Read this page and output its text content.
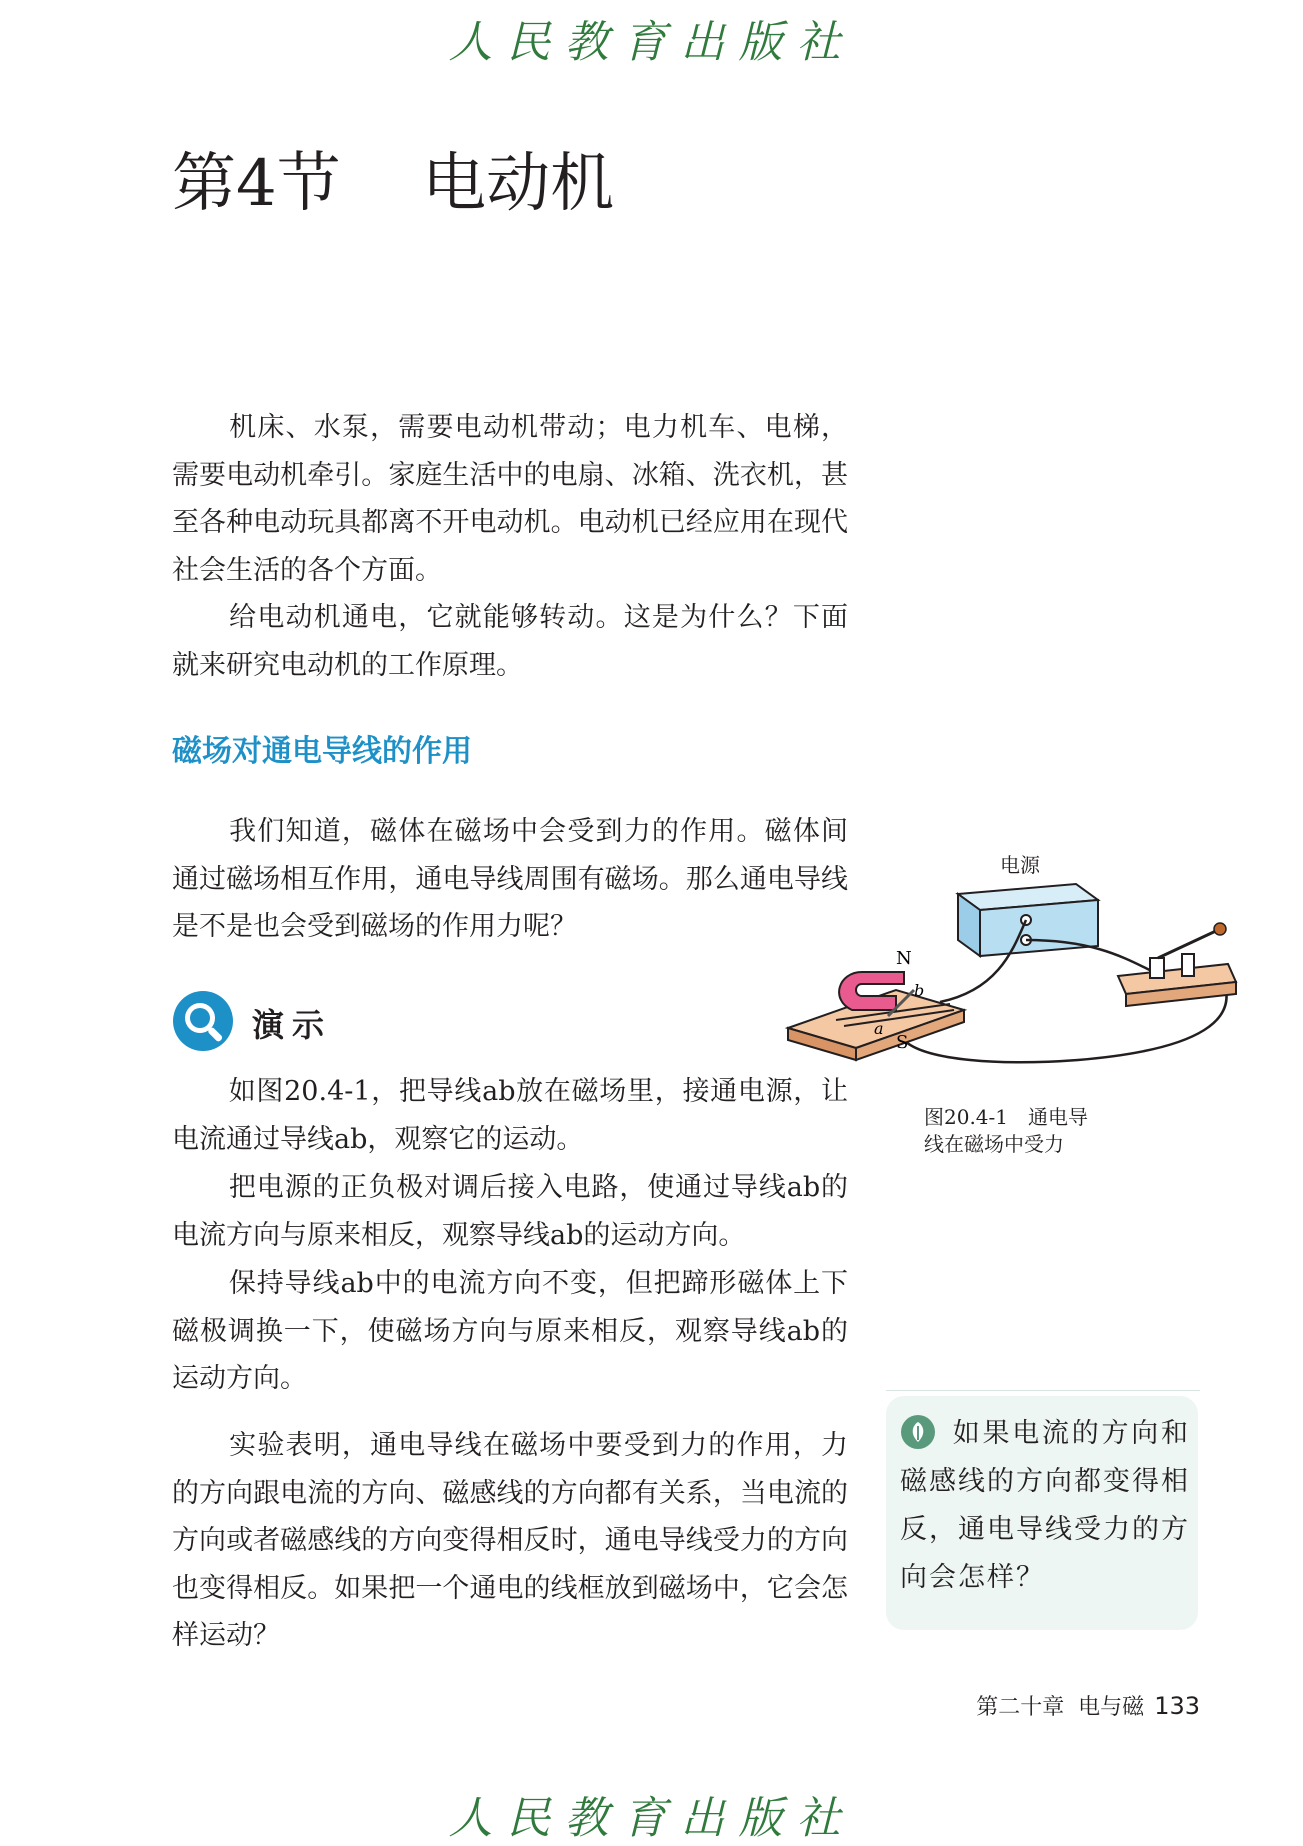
人民教育出版社
第4节    电动机

机床、水泵，需要电动机带动；电力机车、电梯，需要电动机牵引。家庭生活中的电扇、冰箱、洗衣机，甚至各种电动玩具都离不开电动机。电动机已经应用在现代社会生活的各个方面。

给电动机通电，它就能够转动。这是为什么？下面就来研究电动机的工作原理。

磁场对通电导线的作用

我们知道，磁体在磁场中会受到力的作用。磁体间通过磁场相互作用，通电导线周围有磁场。那么通电导线是不是也会受到磁场的作用力呢？

演示

如图20.4-1，把导线ab放在磁场里，接通电源，让电流通过导线ab，观察它的运动。

把电源的正负极对调后接入电路，使通过导线ab的电流方向与原来相反，观察导线ab的运动方向。

保持导线ab中的电流方向不变，但把蹄形磁体上下磁极调换一下，使磁场方向与原来相反，观察导线ab的运动方向。

实验表明，通电导线在磁场中要受到力的作用，力的方向跟电流的方向、磁感线的方向都有关系，当电流的方向或者磁感线的方向变得相反时，通电导线受力的方向也变得相反。如果把一个通电的线框放到磁场中，它会怎样运动？

电源
N
S
a
b
图20.4-1　通电导
线在磁场中受力
如果电流的方向和磁感线的方向都变得相反，通电导线受力的方向会怎样？
第二十章  电与磁 133
人民教育出版社
